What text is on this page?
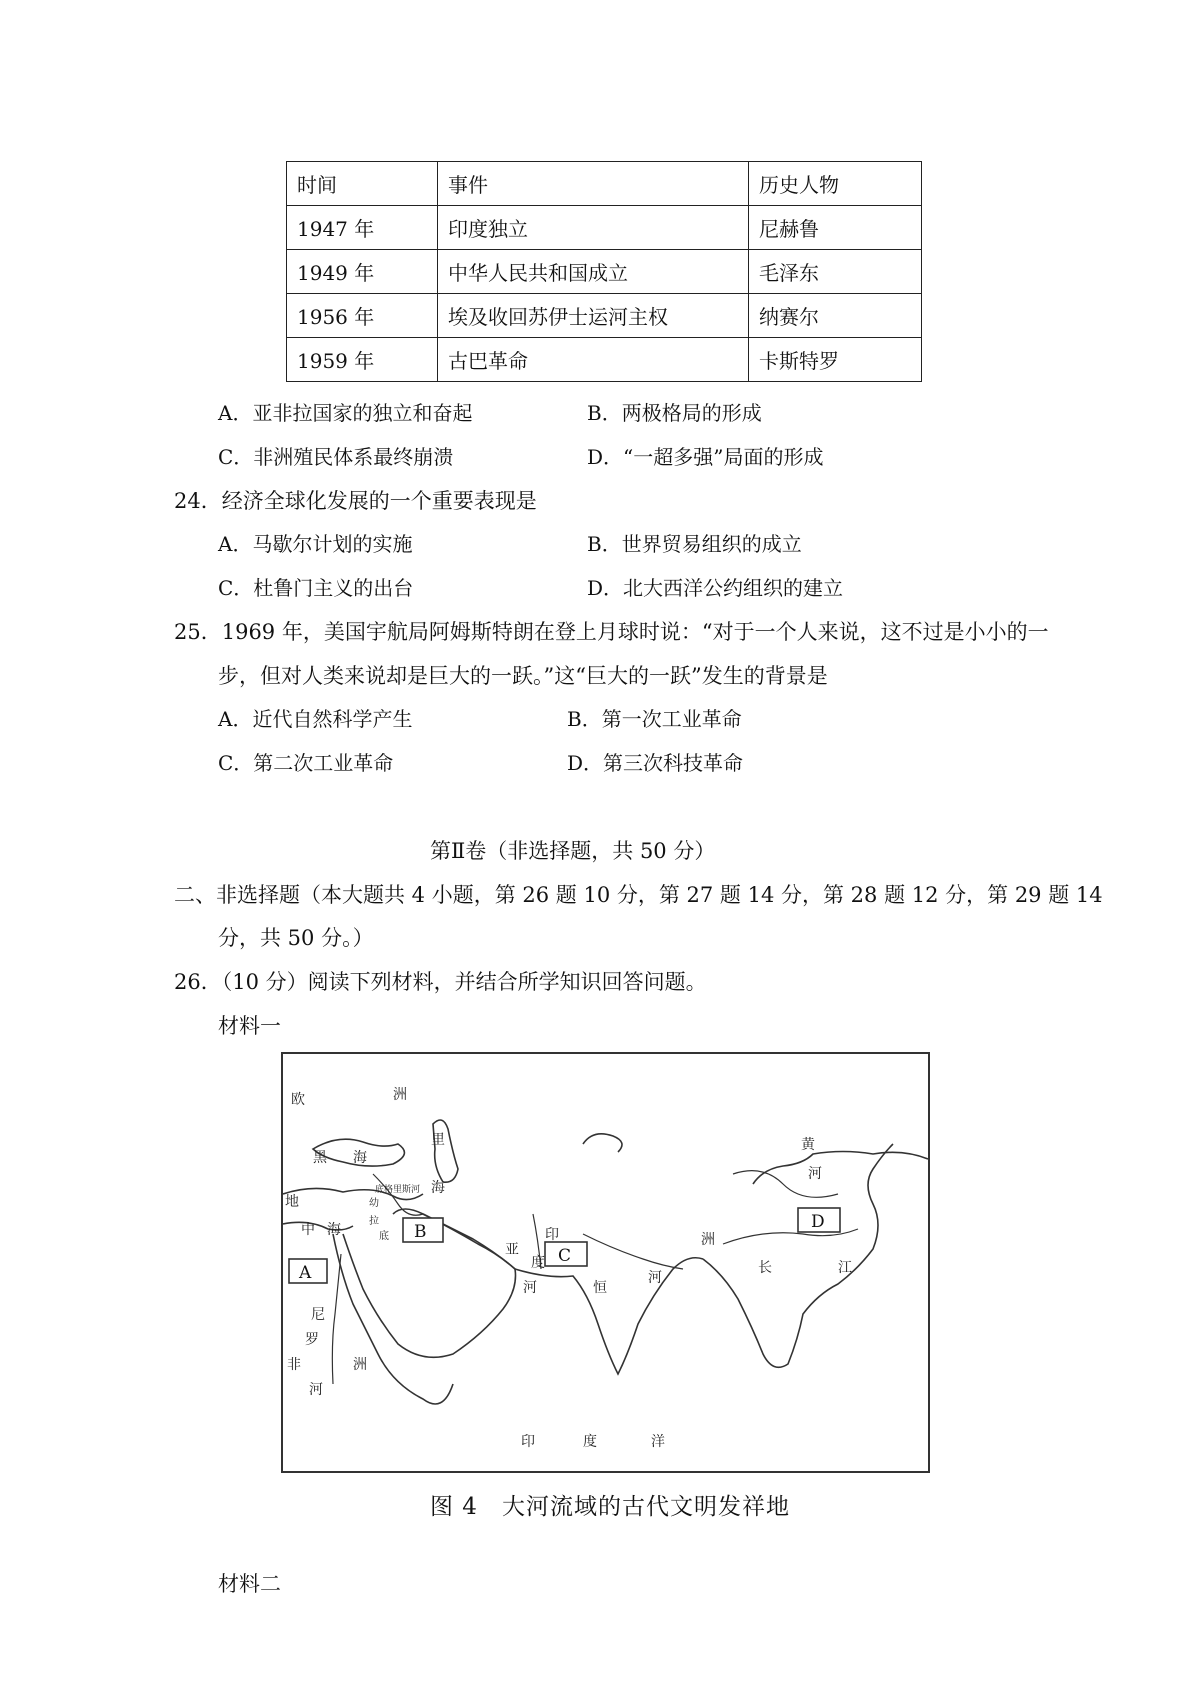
时间	事件	历史人物
1947 年	印度独立	尼赫鲁
1949 年	中华人民共和国成立	毛泽东
1956 年	埃及收回苏伊士运河主权	纳赛尔
1959 年	古巴革命	卡斯特罗
A．亚非拉国家的独立和奋起	B．两极格局的形成
C．非洲殖民体系最终崩溃	D．“一超多强”局面的形成
24．经济全球化发展的一个重要表现是
A．马歇尔计划的实施	B．世界贸易组织的成立
C．杜鲁门主义的出台	D．北大西洋公约组织的建立
25．1969 年，美国宇航局阿姆斯特朗在登上月球时说：“对于一个人来说，这不过是小小的一
步，但对人类来说却是巨大的一跃。”这“巨大的一跃”发生的背景是
A．近代自然科学产生	B．第一次工业革命
C．第二次工业革命	D．第三次科技革命
第Ⅱ卷（非选择题，共 50 分）
二、非选择题（本大题共 4 小题，第 26 题 10 分，第 27 题 14 分，第 28 题 12 分，第 29 题 14
分，共 50 分。）
26．（10 分）阅读下列材料，并结合所学知识回答问题。
材料一
A
B
C
D
欧	洲
黑 海
里
海
地
中 海
底格里斯河
幼
拉
底
亚
印
度
河	恒
河
洲
黄
河
长	江
尼
罗
非
河
洲
印	度	洋
图 4　大河流域的古代文明发祥地
材料二
